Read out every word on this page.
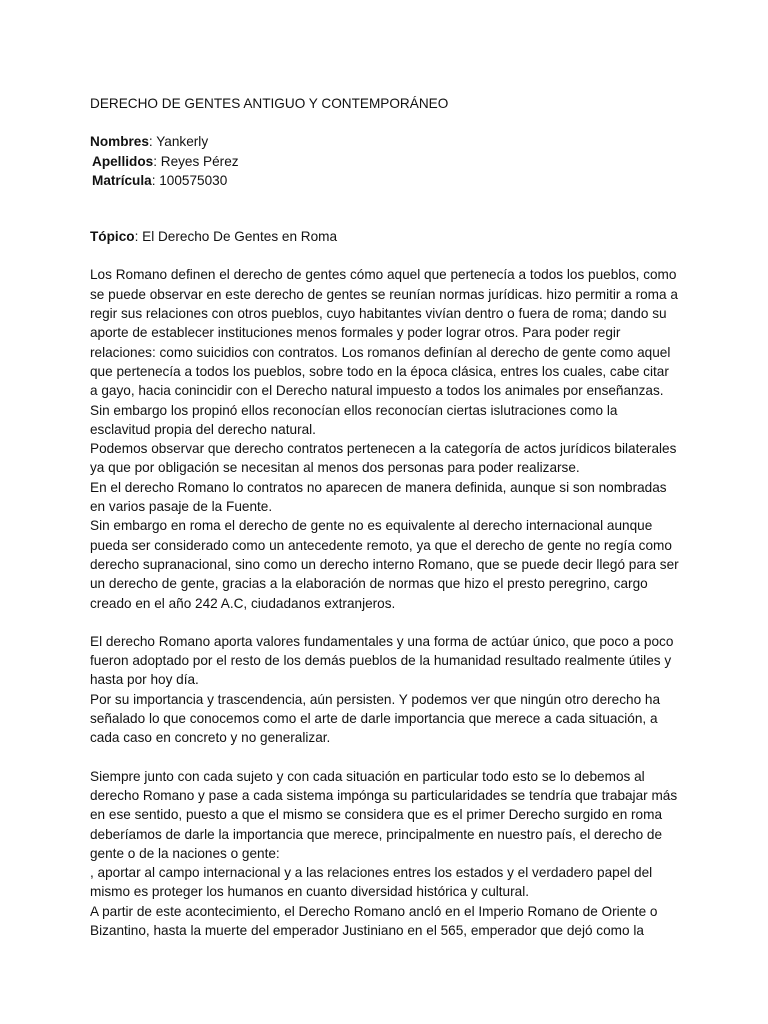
DERECHO DE GENTES ANTIGUO Y CONTEMPORÁNEO

Nombres: Yankerly

Apellidos: Reyes Pérez

Matrícula: 100575030

Tópico: El Derecho De Gentes en Roma

Los Romano definen el derecho de gentes cómo aquel que pertenecía a todos los pueblos, como se puede observar en este derecho de gentes se reunían normas jurídicas. hizo permitir a roma a regir sus relaciones con otros pueblos, cuyo habitantes vivían dentro o fuera de roma; dando su aporte de establecer instituciones menos formales y poder lograr otros. Para poder regir relaciones: como suicidios con contratos. Los romanos definían al derecho de gente como aquel que pertenecía a todos los pueblos, sobre todo en la época clásica, entres los cuales, cabe citar a gayo, hacia conincidir con el Derecho natural impuesto a todos los animales por enseñanzas. Sin embargo los propinó ellos reconocían ellos reconocían ciertas islutraciones como la esclavitud propia del derecho natural.

Podemos observar que derecho contratos pertenecen a la categoría de actos jurídicos bilaterales ya que por obligación se necesitan al menos dos personas para poder realizarse.

En el derecho Romano lo contratos no aparecen de manera definida, aunque si son nombradas en varios pasaje de la Fuente.

Sin embargo en roma el derecho de gente no es equivalente al derecho internacional aunque pueda ser considerado como un antecedente remoto, ya que el derecho de gente no regía como derecho supranacional, sino como un derecho interno Romano, que se puede decir llegó para ser un derecho de gente, gracias a la elaboración de normas que hizo el presto peregrino, cargo creado en el año 242 A.C, ciudadanos extranjeros.

El derecho Romano aporta valores fundamentales y una forma de actúar único, que poco a poco fueron adoptado por el resto de los demás pueblos de la humanidad resultado realmente útiles y hasta por hoy día.

Por su importancia y trascendencia, aún persisten. Y podemos ver que ningún otro derecho ha señalado lo que conocemos como el arte de darle importancia que merece a cada situación, a cada caso en concreto y no generalizar.

Siempre junto con cada sujeto y con cada situación en particular todo esto se lo debemos al derecho Romano y pase a cada sistema impónga su particularidades se tendría que trabajar más en ese sentido, puesto a que el mismo se considera que es el primer Derecho surgido en roma deberíamos de darle la importancia que merece, principalmente en nuestro país, el derecho de gente o de la naciones o gente:

, aportar al campo internacional y a las relaciones entres los estados y el verdadero papel del mismo es proteger los humanos en cuanto diversidad histórica y cultural.

A partir de este acontecimiento, el Derecho Romano ancló en el Imperio Romano de Oriente o Bizantino, hasta la muerte del emperador Justiniano en el 565, emperador que dejó como la
